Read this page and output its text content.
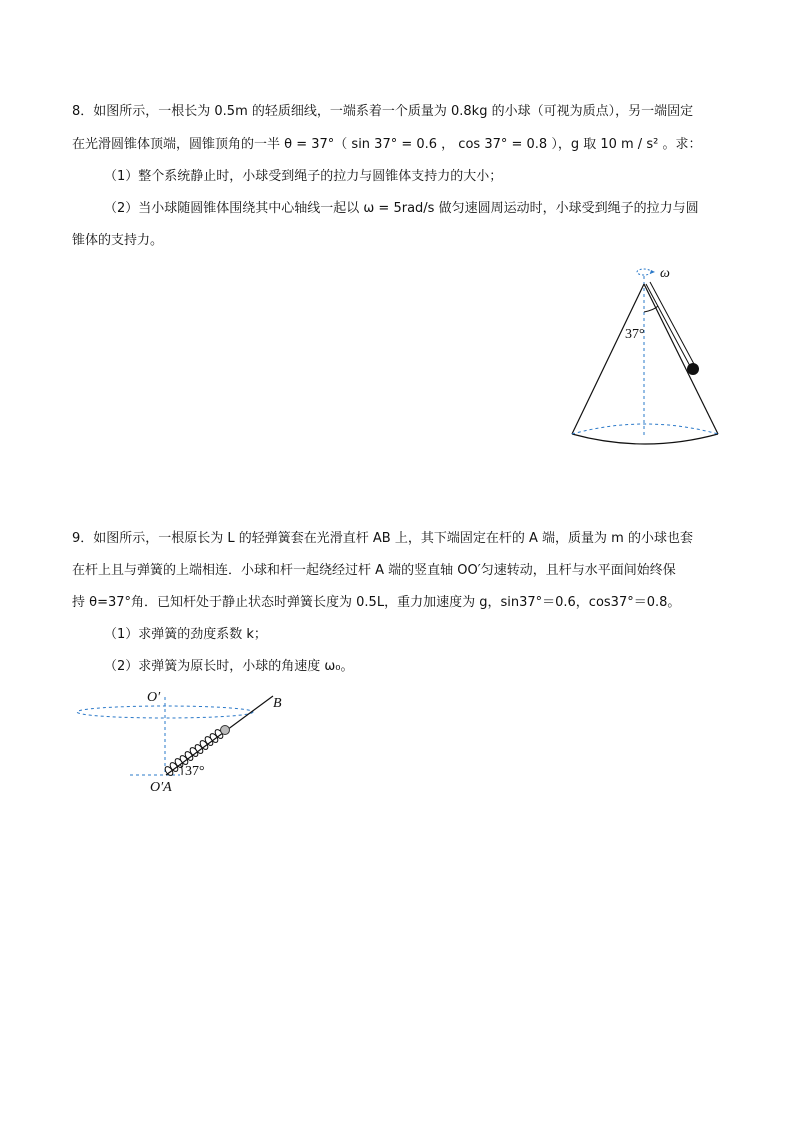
8．如图所示，一根长为 0.5m 的轻质细线，一端系着一个质量为 0.8kg 的小球（可视为质点），另一端固定
在光滑圆锥体顶端，圆锥顶角的一半 θ = 37°（ sin 37° = 0.6 ， cos 37° = 0.8 ），g 取 10 m / s² 。求：
（1）整个系统静止时，小球受到绳子的拉力与圆锥体支持力的大小；
（2）当小球随圆锥体围绕其中心轴线一起以 ω = 5rad/s 做匀速圆周运动时，小球受到绳子的拉力与圆
锥体的支持力。
ω
37°
9．如图所示，一根原长为 L 的轻弹簧套在光滑直杆 AB 上，其下端固定在杆的 A 端，质量为 m 的小球也套
在杆上且与弹簧的上端相连．小球和杆一起绕经过杆 A 端的竖直轴 OO′匀速转动，且杆与水平面间始终保
持 θ=37°角．已知杆处于静止状态时弹簧长度为 0.5L，重力加速度为 g，sin37°＝0.6，cos37°＝0.8。
（1）求弹簧的劲度系数 k；
（2）求弹簧为原长时，小球的角速度 ω₀。
O′	B
37°
O′A
